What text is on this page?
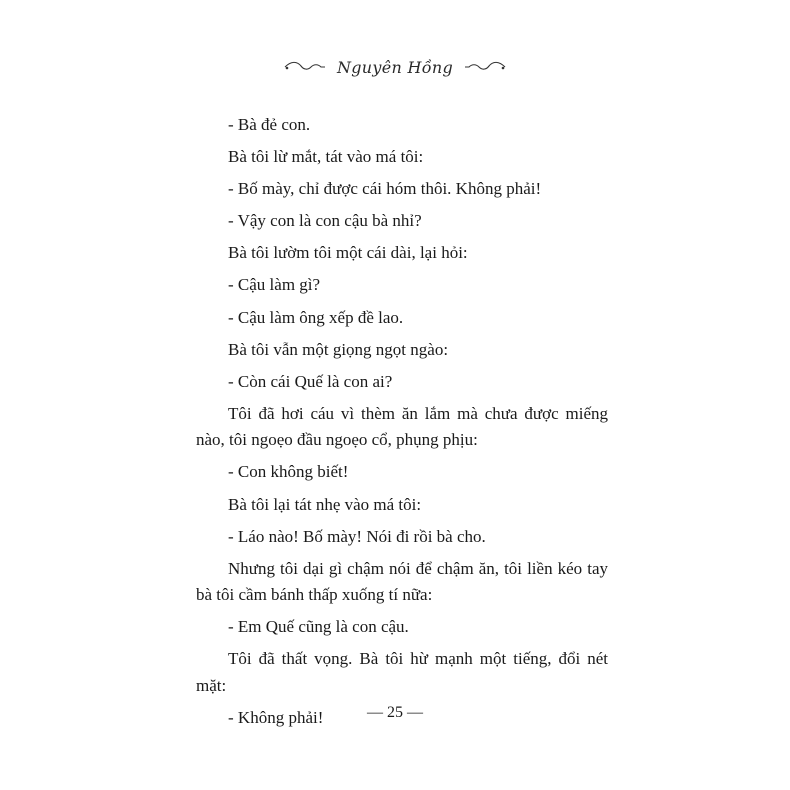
Nguyên Hồng

- Bà đẻ con.

Bà tôi lừ mắt, tát vào má tôi:

- Bố mày, chỉ được cái hóm thôi. Không phải!

- Vậy con là con cậu bà nhỉ?

Bà tôi lườm tôi một cái dài, lại hỏi:

- Cậu làm gì?

- Cậu làm ông xếp đề lao.

Bà tôi vẫn một giọng ngọt ngào:

- Còn cái Quế là con ai?

Tôi đã hơi cáu vì thèm ăn lắm mà chưa được miếng nào, tôi ngoẹo đầu ngoẹo cổ, phụng phịu:

- Con không biết!

Bà tôi lại tát nhẹ vào má tôi:

- Láo nào! Bố mày! Nói đi rồi bà cho.

Nhưng tôi dại gì chậm nói để chậm ăn, tôi liền kéo tay bà tôi cầm bánh thấp xuống tí nữa:

- Em Quế cũng là con cậu.

Tôi đã thất vọng. Bà tôi hừ mạnh một tiếng, đổi nét mặt:

- Không phải!	— 25 —
